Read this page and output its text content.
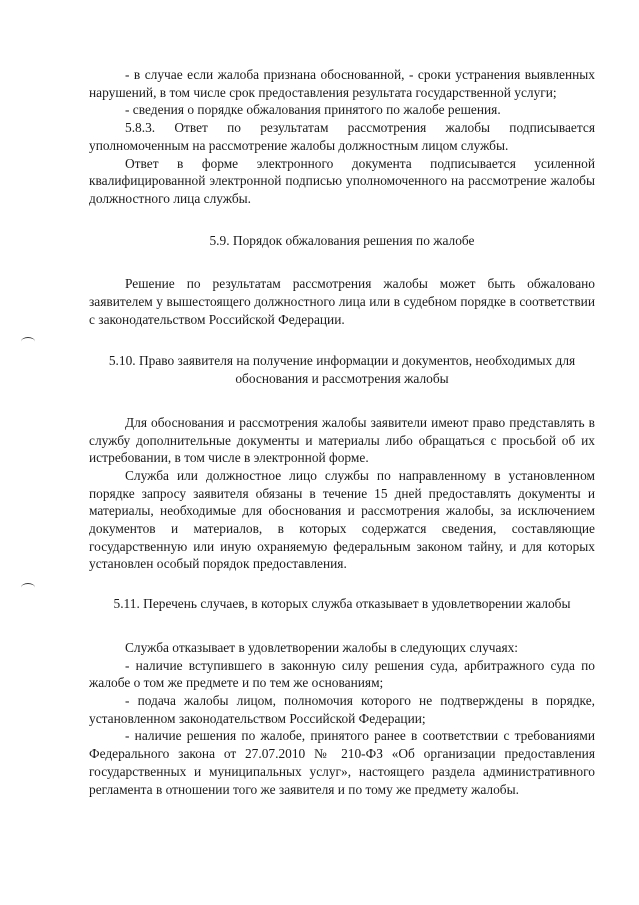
- в случае если жалоба признана обоснованной, - сроки устранения выявленных нарушений, в том числе срок предоставления результата государственной услуги;

- сведения о порядке обжалования принятого по жалобе решения.

5.8.3. Ответ по результатам рассмотрения жалобы подписывается уполномоченным на рассмотрение жалобы должностным лицом службы.

Ответ в форме электронного документа подписывается усиленной квалифицированной электронной подписью уполномоченного на рассмотрение жалобы должностного лица службы.

5.9. Порядок обжалования решения по жалобе

Решение по результатам рассмотрения жалобы может быть обжаловано заявителем у вышестоящего должностного лица или в судебном порядке в соответствии с законодательством Российской Федерации.

5.10. Право заявителя на получение информации и документов, необходимых для
обоснования и рассмотрения жалобы

Для обоснования и рассмотрения жалобы заявители имеют право представлять в службу дополнительные документы и материалы либо обращаться с просьбой об их истребовании, в том числе в электронной форме.

Служба или должностное лицо службы по направленному в установленном порядке запросу заявителя обязаны в течение 15 дней предоставлять документы и материалы, необходимые для обоснования и рассмотрения жалобы, за исключением документов и материалов, в которых содержатся сведения, составляющие государственную или иную охраняемую федеральным законом тайну, и для которых установлен особый порядок предоставления.

5.11. Перечень случаев, в которых служба отказывает в удовлетворении жалобы

Служба отказывает в удовлетворении жалобы в следующих случаях:

- наличие вступившего в законную силу решения суда, арбитражного суда по жалобе о том же предмете и по тем же основаниям;

- подача жалобы лицом, полномочия которого не подтверждены в порядке, установленном законодательством Российской Федерации;

- наличие решения по жалобе, принятого ранее в соответствии с требованиями Федерального закона от 27.07.2010 № 210-ФЗ «Об организации предоставления государственных и муниципальных услуг», настоящего раздела административного регламента в отношении того же заявителя и по тому же предмету жалобы.
